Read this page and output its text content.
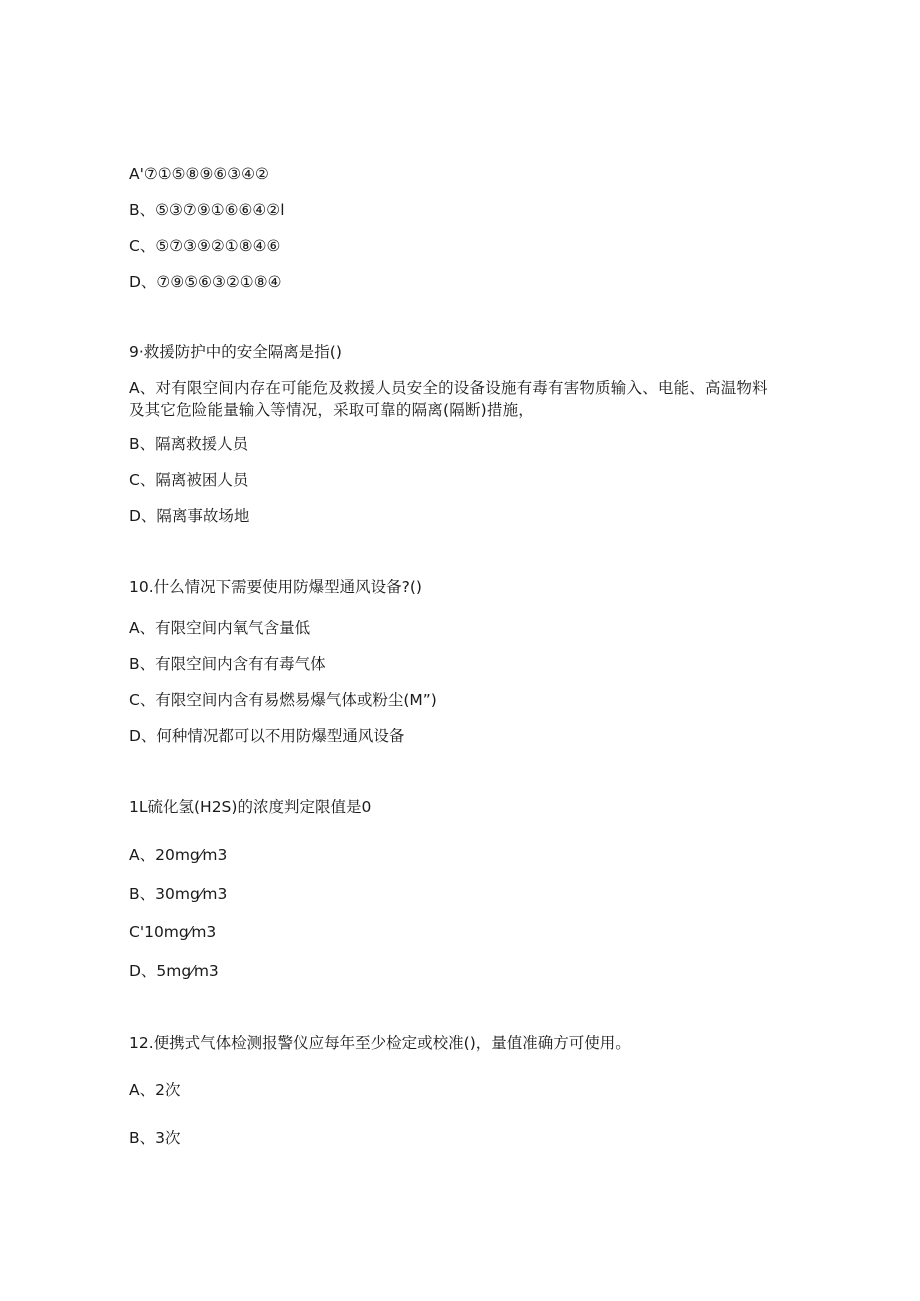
A'⑦①⑤⑧⑨⑥③④②
B、⑤③⑦⑨①⑥⑥④②l
C、⑤⑦③⑨②①⑧④⑥
D、⑦⑨⑤⑥③②①⑧④
9·救援防护中的安全隔离是指()
A、对有限空间内存在可能危及救援人员安全的设备设施有毒有害物质输入、电能、高温物料及其它危险能量输入等情况，采取可靠的隔离(隔断)措施，
B、隔离救援人员
C、隔离被困人员
D、隔离事故场地
10.什么情况下需要使用防爆型通风设备?()
A、有限空间内氧气含量低
B、有限空间内含有有毒气体
C、有限空间内含有易燃易爆气体或粉尘(M”)
D、何种情况都可以不用防爆型通风设备
1L硫化氢(H2S)的浓度判定限值是0
A、20mg⁄m3
B、30mg⁄m3
C'10mg⁄m3
D、5mg⁄m3
12.便携式气体检测报警仪应每年至少检定或校准()，量值准确方可使用。
A、2次
B、3次
